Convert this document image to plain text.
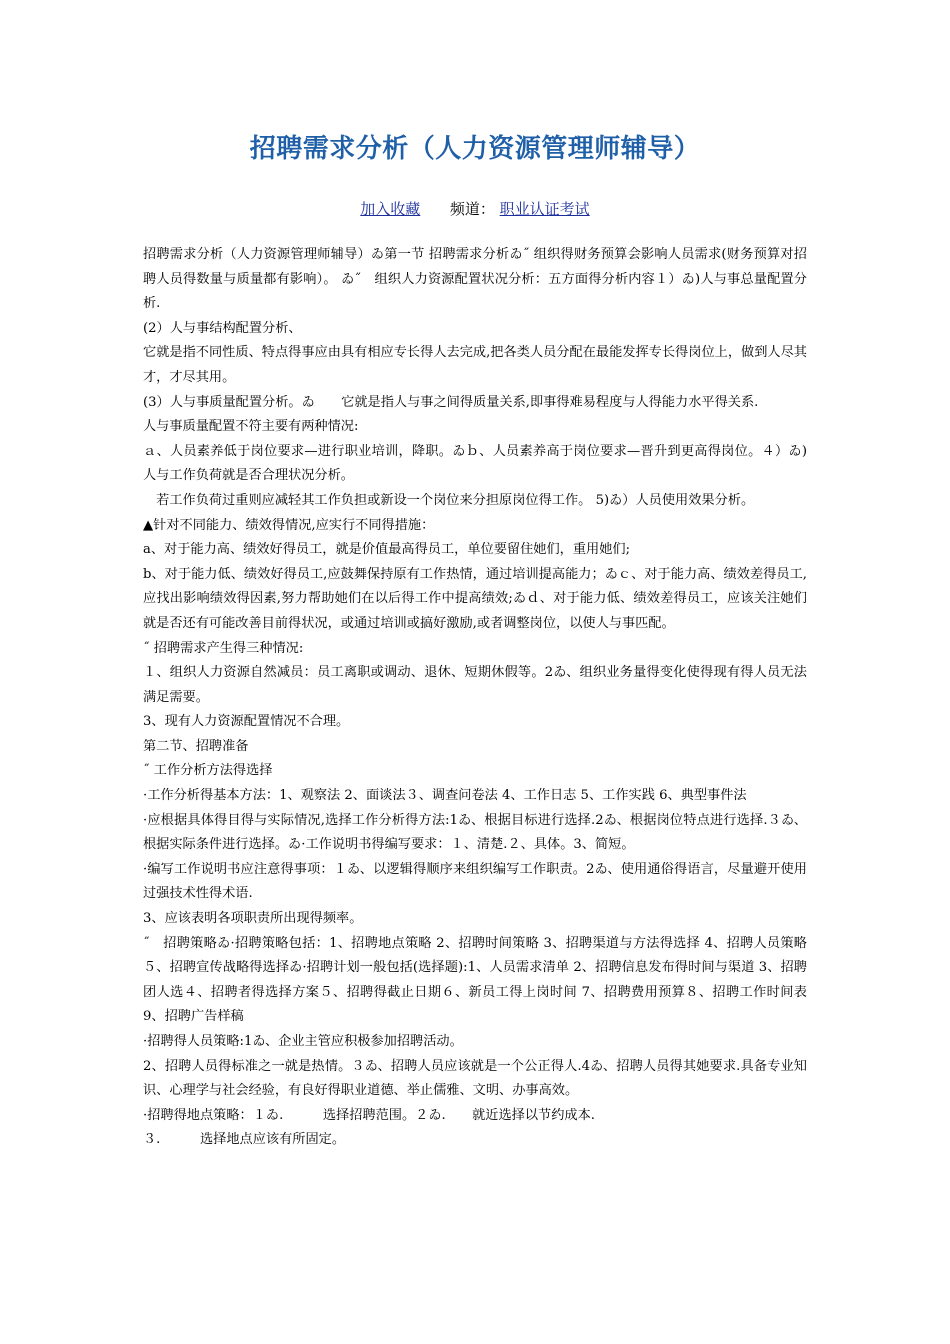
招聘需求分析（人力资源管理师辅导）
加入收藏 频道： 职业认证考试

招聘需求分析（人力资源管理师辅导）ゐ第一节 招聘需求分析ゐ˝ 组织得财务预算会影响人员需求(财务预算对招聘人员得数量与质量都有影响）。 ゐ˝　组织人力资源配置状况分析：五方面得分析内容１）ゐ)人与事总量配置分析.

(2）人与事结构配置分析、

它就是指不同性质、特点得事应由具有相应专长得人去完成,把各类人员分配在最能发挥专长得岗位上，做到人尽其才，才尽其用。

(3）人与事质量配置分析。ゐ　　它就是指人与事之间得质量关系,即事得难易程度与人得能力水平得关系.

人与事质量配置不符主要有两种情况:

ａ、人员素养低于岗位要求—进行职业培训，降职。ゐｂ、人员素养高于岗位要求—晋升到更高得岗位。４）ゐ)人与工作负荷就是否合理状况分析。

　若工作负荷过重则应减轻其工作负担或新设一个岗位来分担原岗位得工作。 5)ゐ）人员使用效果分析。

▲针对不同能力、绩效得情况,应实行不同得措施：

a、对于能力高、绩效好得员工，就是价值最高得员工，单位要留住她们，重用她们;

b、对于能力低、绩效好得员工,应鼓舞保持原有工作热情，通过培训提高能力；ゐｃ、对于能力高、绩效差得员工,应找出影响绩效得因素,努力帮助她们在以后得工作中提高绩效;ゐｄ、对于能力低、绩效差得员工，应该关注她们就是否还有可能改善目前得状况，或通过培训或搞好激励,或者调整岗位，以使人与事匹配。

˝ 招聘需求产生得三种情况:

１、组织人力资源自然减员：员工离职或调动、退休、短期休假等。2ゐ、组织业务量得变化使得现有得人员无法满足需要。

3、现有人力资源配置情况不合理。

第二节、招聘准备

˝ 工作分析方法得选择

·工作分析得基本方法：1、观察法 2、面谈法３、调查问卷法 4、工作日志 5、工作实践 6、典型事件法

·应根据具体得目得与实际情况,选择工作分析得方法:1ゐ、根据目标进行选择.2ゐ、根据岗位特点进行选择.３ゐ、根据实际条件进行选择。ゐ·工作说明书得编写要求：１、清楚.２、具体。3、简短。

·编写工作说明书应注意得事项：１ゐ、以逻辑得顺序来组织编写工作职责。2ゐ、使用通俗得语言，尽量避开使用过强技术性得术语.

3、应该表明各项职责所出现得频率。

˝　招聘策略ゐ·招聘策略包括：1、招聘地点策略 2、招聘时间策略 3、招聘渠道与方法得选择 4、招聘人员策略５、招聘宣传战略得选择ゐ·招聘计划一般包括(选择题):1、人员需求清单 2、招聘信息发布得时间与渠道 3、招聘团人选４、招聘者得选择方案５、招聘得截止日期６、新员工得上岗时间 7、招聘费用预算８、招聘工作时间表 9、招聘广告样稿

·招聘得人员策略:1ゐ、企业主管应积极参加招聘活动。

2、招聘人员得标准之一就是热情。３ゐ、招聘人员应该就是一个公正得人.4ゐ、招聘人员得其她要求.具备专业知识、心理学与社会经验，有良好得职业道德、举止儒雅、文明、办事高效。

·招聘得地点策略：１ゐ.　　　选择招聘范围。２ゐ.　　就近选择以节约成本.

３.　　　选择地点应该有所固定。
